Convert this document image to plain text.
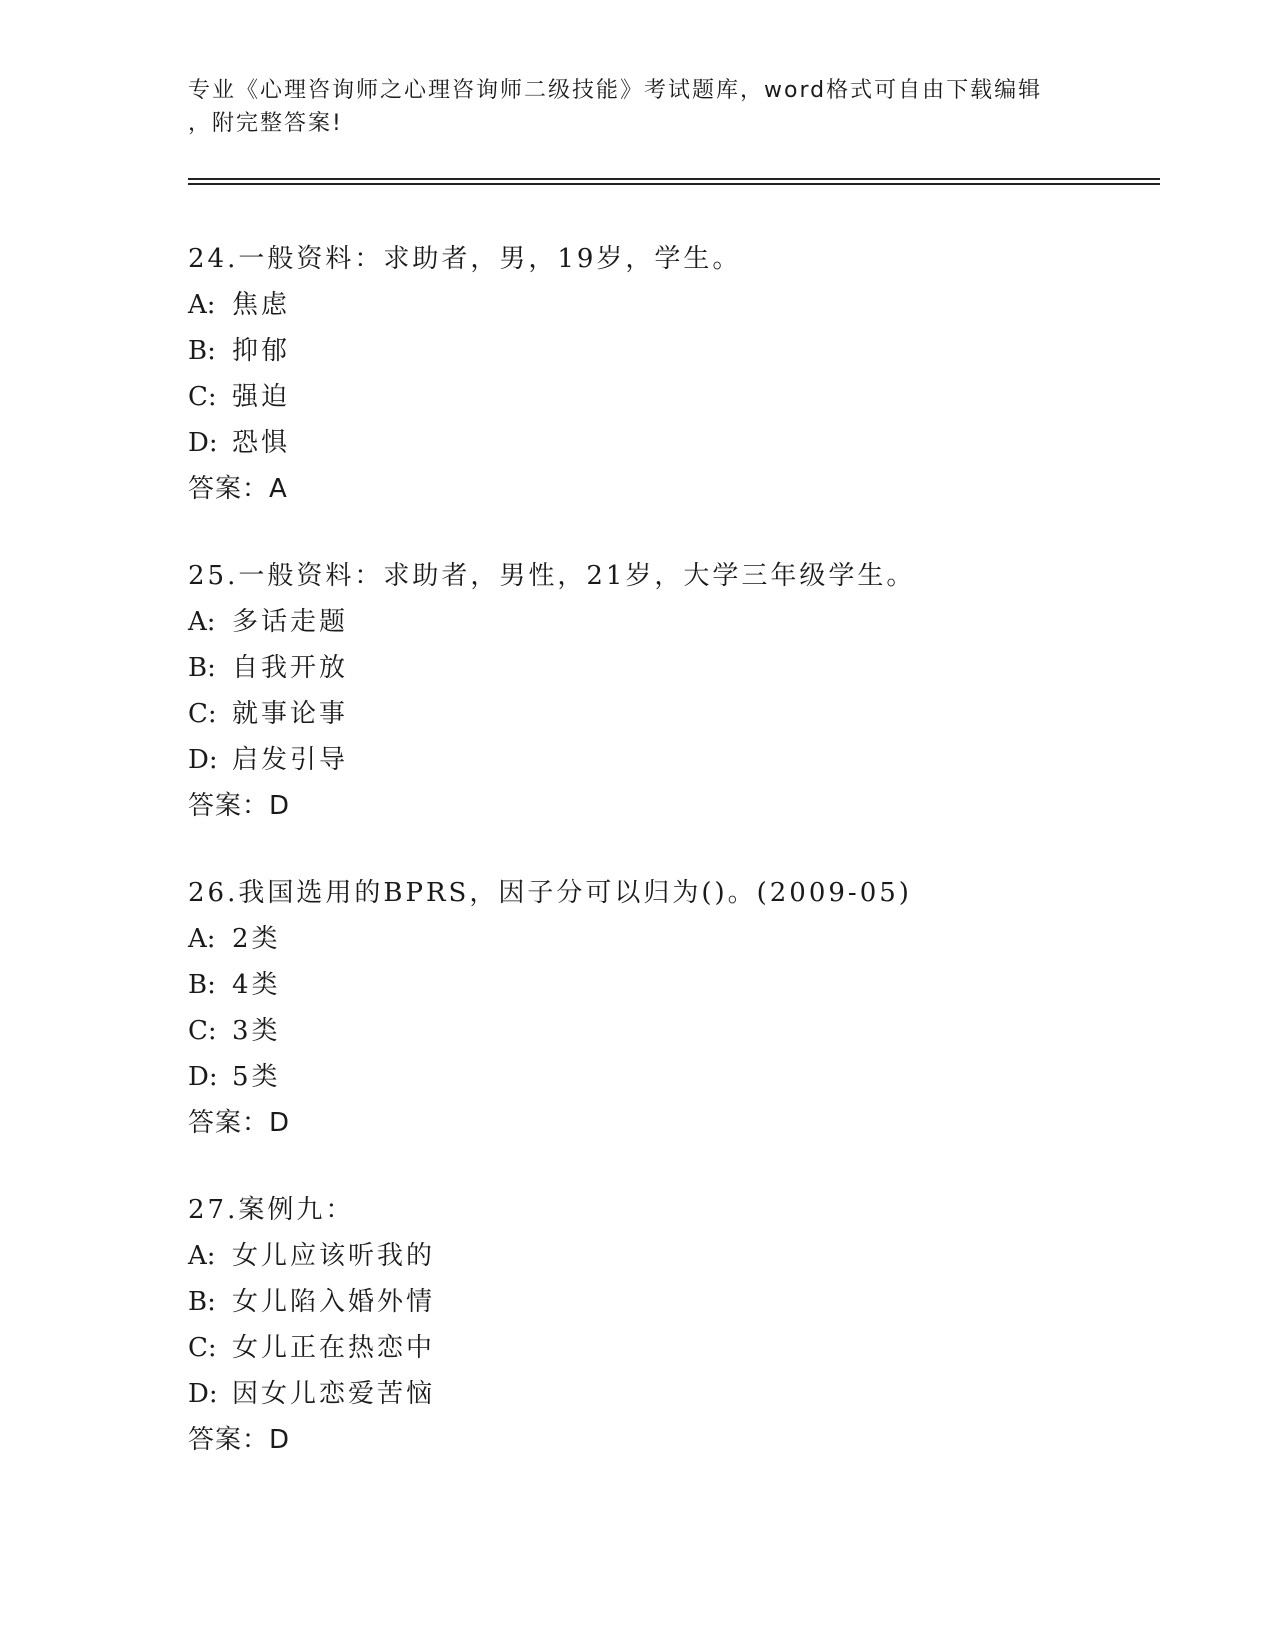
专业《心理咨询师之心理咨询师二级技能》考试题库，word格式可自由下载编辑
，附完整答案!
24.一般资料：求助者，男，19岁，学生。
A: 焦虑
B: 抑郁
C: 强迫
D: 恐惧
答案：A
25.一般资料：求助者，男性，21岁，大学三年级学生。
A: 多话走题
B: 自我开放
C: 就事论事
D: 启发引导
答案：D
26.我国选用的BPRS，因子分可以归为()。(2009-05)
A: 2类
B: 4类
C: 3类
D: 5类
答案：D
27.案例九：
A: 女儿应该听我的
B: 女儿陷入婚外情
C: 女儿正在热恋中
D: 因女儿恋爱苦恼
答案：D
